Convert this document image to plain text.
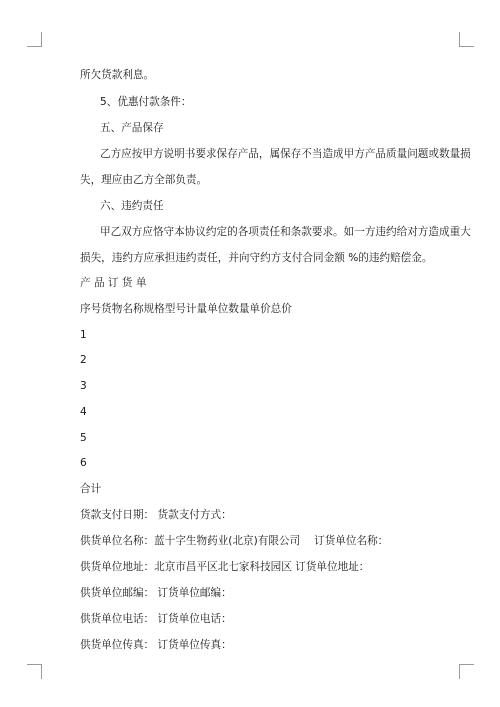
所欠货款利息。
5、优惠付款条件：
五、产品保存
乙方应按甲方说明书要求保存产品，属保存不当造成甲方产品质量问题或数量损
失，理应由乙方全部负责。
六、违约责任
甲乙双方应恪守本协议约定的各项责任和条款要求。如一方违约给对方造成重大
损失，违约方应承担违约责任，并向守约方支付合同金额 %的违约赔偿金。
产 品 订 货 单
序号货物名称规格型号计量单位数量单价总价
1
2
3
4
5
6
合计
货款支付日期： 货款支付方式：
供货单位名称：蓝十字生物药业(北京)有限公司　 订货单位名称：
供货单位地址：北京市昌平区北七家科技园区 订货单位地址：
供货单位邮编： 订货单位邮编：
供货单位电话： 订货单位电话：
供货单位传真： 订货单位传真：
